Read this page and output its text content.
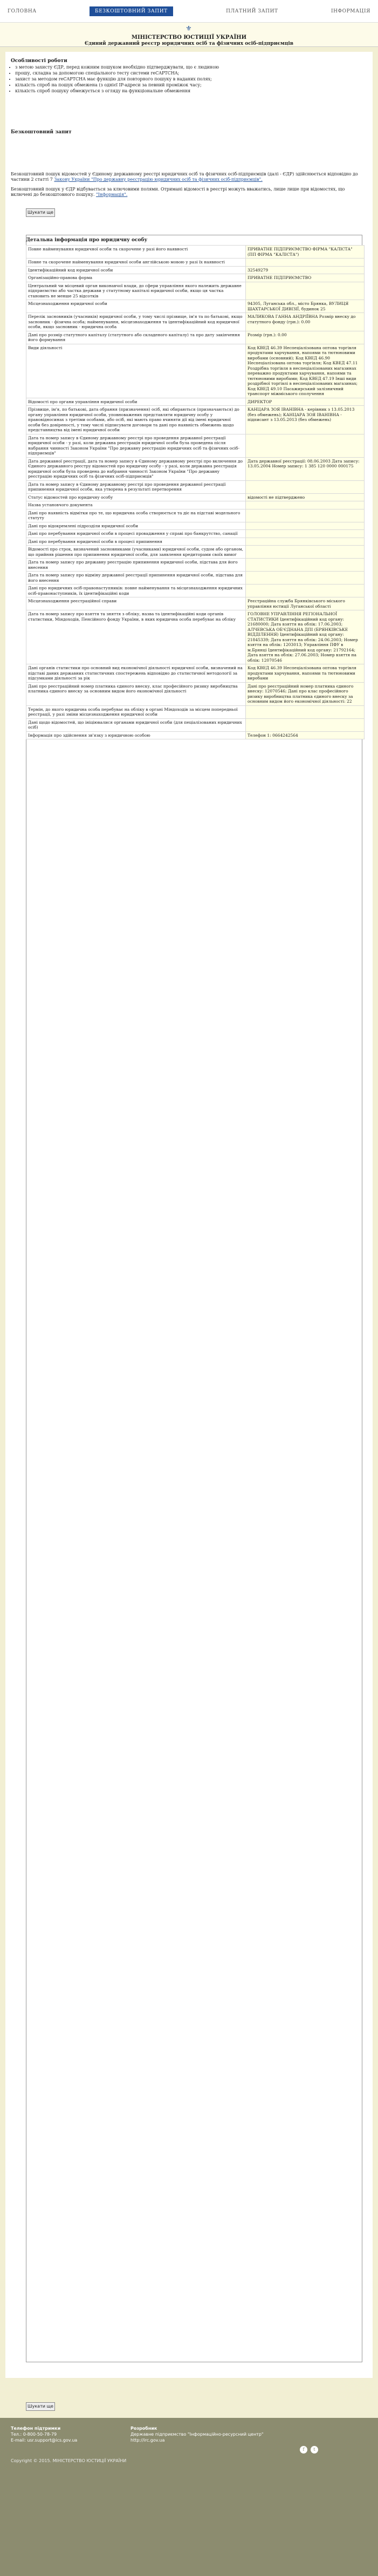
ГОЛОВНА	БЕЗКОШТОВНИЙ ЗАПИТ	ПЛАТНИЙ ЗАПИТ	ІНФОРМАЦІЯ
⚜
МІНІСТЕРСТВО ЮСТИЦІЇ УКРАЇНИ
Єдиний державний реєстр юридичних осіб та фізичних осіб-підприємців
Особливості роботи
• з метою захисту ЄДР, перед кожним пошуком необхідно підтверджувати, що є людиною
• прошу, складна за допомогою спеціального тесту системи reCAPTCHA;
• захист за методом reCAPTCHA має функцію для повторного пошуку в наданих полях;
• кількість спроб на пошук обмежена (з однієї IP-адреси за певний проміжок часу;
• кількість спроб пошуку обмежується з огляду на функціональне обмеження
Безкоштовний запит
Безкоштовний пошук відомостей у Єдиному державному реєстрі юридичних осіб та фізичних осіб-підприємців (далі - ЄДР) здійснюється відповідно до частини 2 статті 7 Закону України "Про державну реєстрацію юридичних осіб та фізичних осіб-підприємців".
Безкоштовний пошук у ЄДР відбувається за ключовими полями. Отримані відомості в реєстрі можуть вважатись, лише лише при відомостях, що включені до безкоштовного пошуку. "Інформація".
Шукати ще
Детальна інформація про юридичну особу
Повне найменування юридичної особи та скорочене у разі його наявності	ПРИВАТНЕ ПІДПРИЄМСТВО ФІРМА "КАЛІСТА" (ПП ФІРМА "КАЛІСТА")
Повне та скорочене найменування юридичної особи англійською мовою у разі їх наявності	
Ідентифікаційний код юридичної особи	32549279
Організаційно-правова форма	ПРИВАТНЕ ПІДПРИЄМСТВО
Центральний чи місцевий орган виконавчої влади, до сфери управління якого належить державне підприємство або частка держави у статутному капіталі юридичної особи, якщо ця частка становить не менше 25 відсотків	
Місцезнаходження юридичної особи	94305, Луганська обл., місто Брянка, ВУЛИЦЯ ШАХТАРСЬКОЇ ДИВІЗІЇ, будинок 25
Перелік засновників (учасників) юридичної особи, у тому числі прізвище, ім'я та по батькові, якщо засновник - фізична особа; найменування, місцезнаходження та ідентифікаційний код юридичної особи, якщо засновник - юридична особа	МАЛИКОВА ГАННА АНДРІЇВНА Розмір внеску до статутного фонду (грн.): 0.00
Дані про розмір статутного капіталу (статутного або складеного капіталу) та про дату закінчення його формування	Розмір (грн.): 0.00
Види діяльності	Код КВЕД 46.39 Неспеціалізована оптова торгівля продуктами харчування, напоями та тютюновими виробами (основний); Код КВЕД 46.90 Неспеціалізована оптова торгівля; Код КВЕД 47.11 Роздрібна торгівля в неспеціалізованих магазинах переважно продуктами харчування, напоями та тютюновими виробами; Код КВЕД 47.19 Інші види роздрібної торгівлі в неспеціалізованих магазинах; Код КВЕД 49.10 Пасажирський залізничний транспорт міжміського сполучення
Відомості про органи управління юридичної особи	ДИРЕКТОР
Прізвище, ім'я, по батькові, дата обрання (призначення) осіб, які обираються (призначаються) до органу управління юридичної особи, уповноважених представляти юридичну особу у правовідносинах з третіми особами, або осіб, які мають право вчиняти дії від імені юридичної особи без довіреності, у тому числі підписувати договори та дані про наявність обмежень щодо представництва від імені юридичної особи	КАНЦАРА ЗОЯ ІВАНІВНА - керівник з 13.05.2013 (без обмежень); КАНЦАРА ЗОЯ ІВАНІВНА - підписант з 13.05.2013 (без обмежень)
Дата та номер запису в Єдиному державному реєстрі про проведення державної реєстрації юридичної особи - у разі, коли державна реєстрація юридичної особи була проведена після набрання чинності Законом України "Про державну реєстрацію юридичних осіб та фізичних осіб-підприємців"	
Дата державної реєстрації, дата та номер запису в Єдиному державному реєстрі про включення до Єдиного державного реєстру відомостей про юридичну особу - у разі, коли державна реєстрація юридичної особи була проведена до набрання чинності Законом України "Про державну реєстрацію юридичних осіб та фізичних осіб-підприємців"	Дата державної реєстрації: 08.06.2003 Дата запису: 13.05.2004 Номер запису: 1 385 120 0000 000175
Дата та номер запису в Єдиному державному реєстрі про проведення державної реєстрації припинення юридичної особи, яка утворена в результаті перетворення	
Статус відомостей про юридичну особу	відомості не підтверджено
Назва установчого документа	
Дані про наявність відмітки про те, що юридична особа створюється та діє на підставі модельного статуту	
Дані про відокремлені підрозділи юридичної особи	
Дані про перебування юридичної особи в процесі провадження у справі про банкрутство, санації	
Дані про перебування юридичної особи в процесі припинення	
Відомості про строк, визначений засновниками (учасниками) юридичної особи, судом або органом, що прийняв рішення про припинення юридичної особи, для заявлення кредиторами своїх вимог	
Дата та номер запису про державну реєстрацію припинення юридичної особи, підстава для його внесення	
Дата та номер запису про відміну державної реєстрації припинення юридичної особи, підстава для його внесення	
Дані про юридичних осіб-правонаступників: повне найменування та місцезнаходження юридичних осіб-правонаступників, їх ідентифікаційні коди	
Місцезнаходження реєстраційної справи	Реєстраційна служба Брянківського міського управління юстиції Луганської області
Дата та номер запису про взяття та зняття з обліку, назва та ідентифікаційні коди органів статистики, Міндоходів, Пенсійного фонду України, в яких юридична особа перебуває на обліку	ГОЛОВНЕ УПРАВЛІННЯ РЕГІОНАЛЬНОЇ СТАТИСТИКИ Ідентифікаційний код органу: 21680000; Дата взяття на облік: 17.06.2003; АЛЧЕВСЬКА ОБ'ЄДНАНА ДПІ (БРЯНКІВСЬКЕ ВІДДІЛЕННЯ) Ідентифікаційний код органу: 21845339; Дата взяття на облік: 24.06.2003; Номер взяття на облік: 1203013; Управління ПФУ в м.Брянці Ідентифікаційний код органу: 21792164; Дата взяття на облік: 27.06.2003; Номер взяття на облік: 12070546
Дані органів статистики про основний вид економічної діяльності юридичної особи, визначений на підставі даних державних статистичних спостережень відповідно до статистичної методології за підсумками діяльності за рік	Код КВЕД 46.39 Неспеціалізована оптова торгівля продуктами харчування, напоями та тютюновими виробами
Дані про реєстраційний номер платника єдиного внеску, клас професійного ризику виробництва платника єдиного внеску за основним видом його економічної діяльності	Дані про реєстраційний номер платника єдиного внеску: 12070546; Дані про клас професійного ризику виробництва платника єдиного внеску за основним видом його економічної діяльності: 22
Термін, до якого юридична особа перебуває на обліку в органі Міндоходів за місцем попередньої реєстрації, у разі зміни місцезнаходження юридичної особи	
Дані щодо відомостей, що ініціювалися органами юридичної особи (для пеціалізованих юридичних осіб)	
Інформація про здійснення зв'язку з юридичною особою	Телефон 1: 0664242564
Шукати ще
Телефон підтримки
Тел.: 0-800-50-78-79
E-mail: usr.support@ics.gov.ua
Розробник
Державне підприємство "Інформаційно-ресурсний центр"
http://irc.gov.ua
f	t
Copyright © 2015. МІНІСТЕРСТВО ЮСТИЦІЇ УКРАЇНИ
